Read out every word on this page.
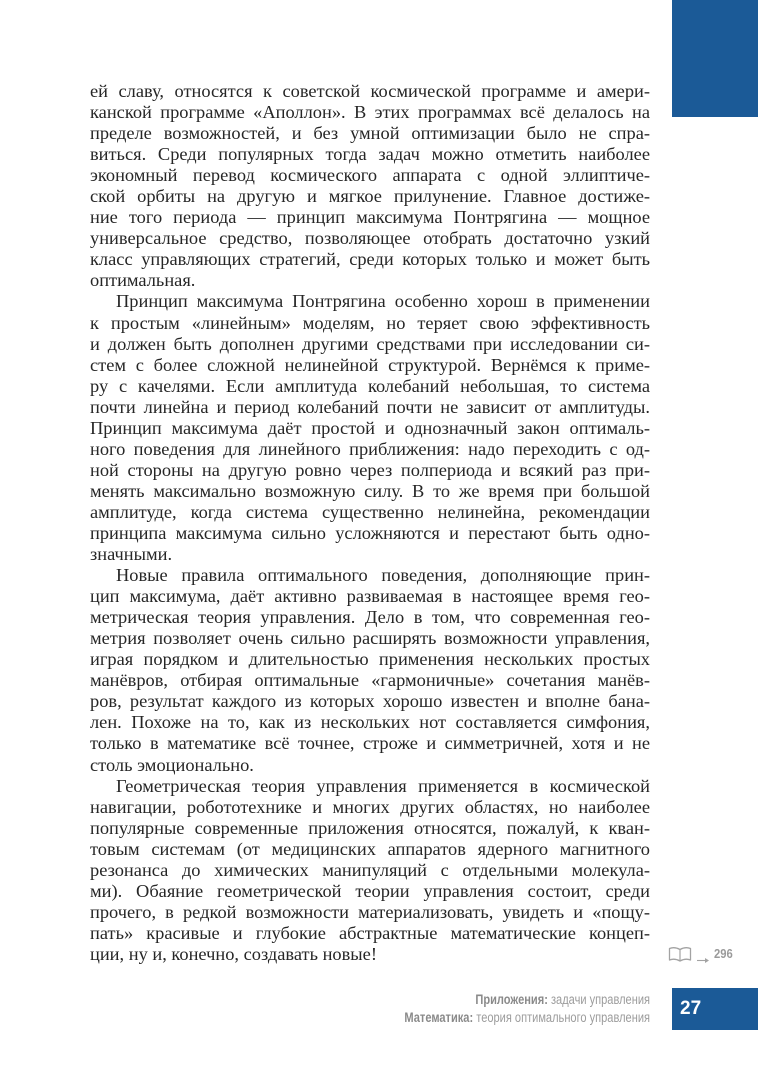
ей славу, относятся к советской космической программе и амери-
канской программе «Аполлон». В этих программах всё делалось на
пределе возможностей, и без умной оптимизации было не спра-
виться. Среди популярных тогда задач можно отметить наиболее
экономный перевод космического аппарата с одной эллиптиче-
ской орбиты на другую и мягкое прилунение. Главное достиже-
ние того периода — принцип максимума Понтрягина — мощное
универсальное средство, позволяющее отобрать достаточно узкий
класс управляющих стратегий, среди которых только и может быть
оптимальная.
Принцип максимума Понтрягина особенно хорош в применении
к простым «линейным» моделям, но теряет свою эффективность
и должен быть дополнен другими средствами при исследовании си-
стем с более сложной нелинейной структурой. Вернёмся к приме-
ру с качелями. Если амплитуда колебаний небольшая, то система
почти линейна и период колебаний почти не зависит от амплитуды.
Принцип максимума даёт простой и однозначный закон оптималь-
ного поведения для линейного приближения: надо переходить с од-
ной стороны на другую ровно через полпериода и всякий раз при-
менять максимально возможную силу. В то же время при большой
амплитуде, когда система существенно нелинейна, рекомендации
принципа максимума сильно усложняются и перестают быть одно-
значными.
Новые правила оптимального поведения, дополняющие прин-
цип максимума, даёт активно развиваемая в настоящее время гео-
метрическая теория управления. Дело в том, что современная гео-
метрия позволяет очень сильно расширять возможности управления,
играя порядком и длительностью применения нескольких простых
манёвров, отбирая оптимальные «гармоничные» сочетания манёв-
ров, результат каждого из которых хорошо известен и вполне бана-
лен. Похоже на то, как из нескольких нот составляется симфония,
только в математике всё точнее, строже и симметричней, хотя и не
столь эмоционально.
Геометрическая теория управления применяется в космической
навигации, робототехнике и многих других областях, но наиболее
популярные современные приложения относятся, пожалуй, к кван-
товым системам (от медицинских аппаратов ядерного магнитного
резонанса до химических манипуляций с отдельными молекула-
ми). Обаяние геометрической теории управления состоит, среди
прочего, в редкой возможности материализовать, увидеть и «пощу-
пать» красивые и глубокие абстрактные математические концеп-
ции, ну и, конечно, создавать новые!	296
Приложения: задачи управления
Математика: теория оптимального управления 27
